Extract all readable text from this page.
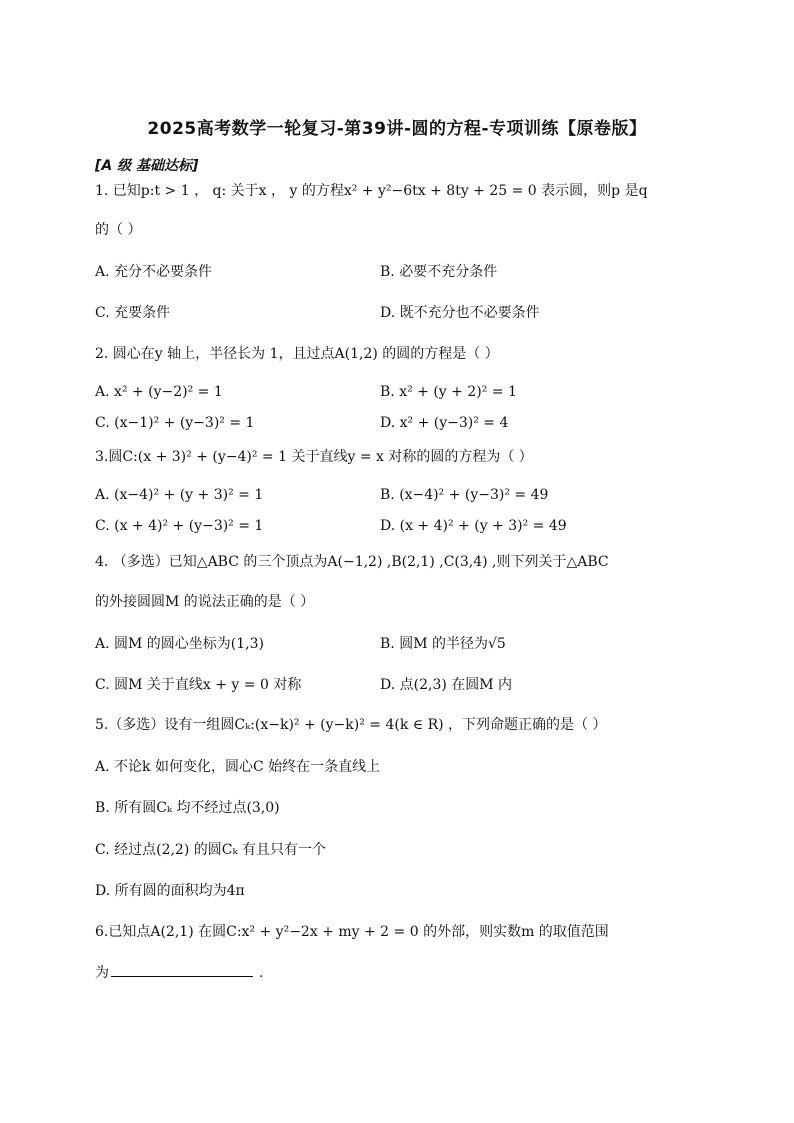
2025高考数学一轮复习-第39讲-圆的方程-专项训练【原卷版】
[A 级 基础达标]
1. 已知p:t > 1 ， q: 关于x ， y 的方程x² + y²−6tx + 8ty + 25 = 0 表示圆，则p 是q
的（ ）
A. 充分不必要条件	B. 必要不充分条件
C. 充要条件	D. 既不充分也不必要条件
2. 圆心在y 轴上，半径长为 1，且过点A(1,2) 的圆的方程是（ ）
A. x² + (y−2)² = 1	B. x² + (y + 2)² = 1
C. (x−1)² + (y−3)² = 1	D. x² + (y−3)² = 4
3.圆C:(x + 3)² + (y−4)² = 1 关于直线y = x 对称的圆的方程为（ ）
A. (x−4)² + (y + 3)² = 1	B. (x−4)² + (y−3)² = 49
C. (x + 4)² + (y−3)² = 1	D. (x + 4)² + (y + 3)² = 49
4. （多选）已知△ABC 的三个顶点为A(−1,2) ,B(2,1) ,C(3,4) ,则下列关于△ABC
的外接圆圆M 的说法正确的是（ ）
A. 圆M 的圆心坐标为(1,3)	B. 圆M 的半径为√5
C. 圆M 关于直线x + y = 0 对称	D. 点(2,3) 在圆M 内
5.（多选）设有一组圆Cₖ:(x−k)² + (y−k)² = 4(k ∈ R) ，下列命题正确的是（ ）
A. 不论k 如何变化，圆心C 始终在一条直线上
B. 所有圆Cₖ 均不经过点(3,0)
C. 经过点(2,2) 的圆Cₖ 有且只有一个
D. 所有圆的面积均为4π
6.已知点A(2,1) 在圆C:x² + y²−2x + my + 2 = 0 的外部，则实数m 的取值范围
为	.
